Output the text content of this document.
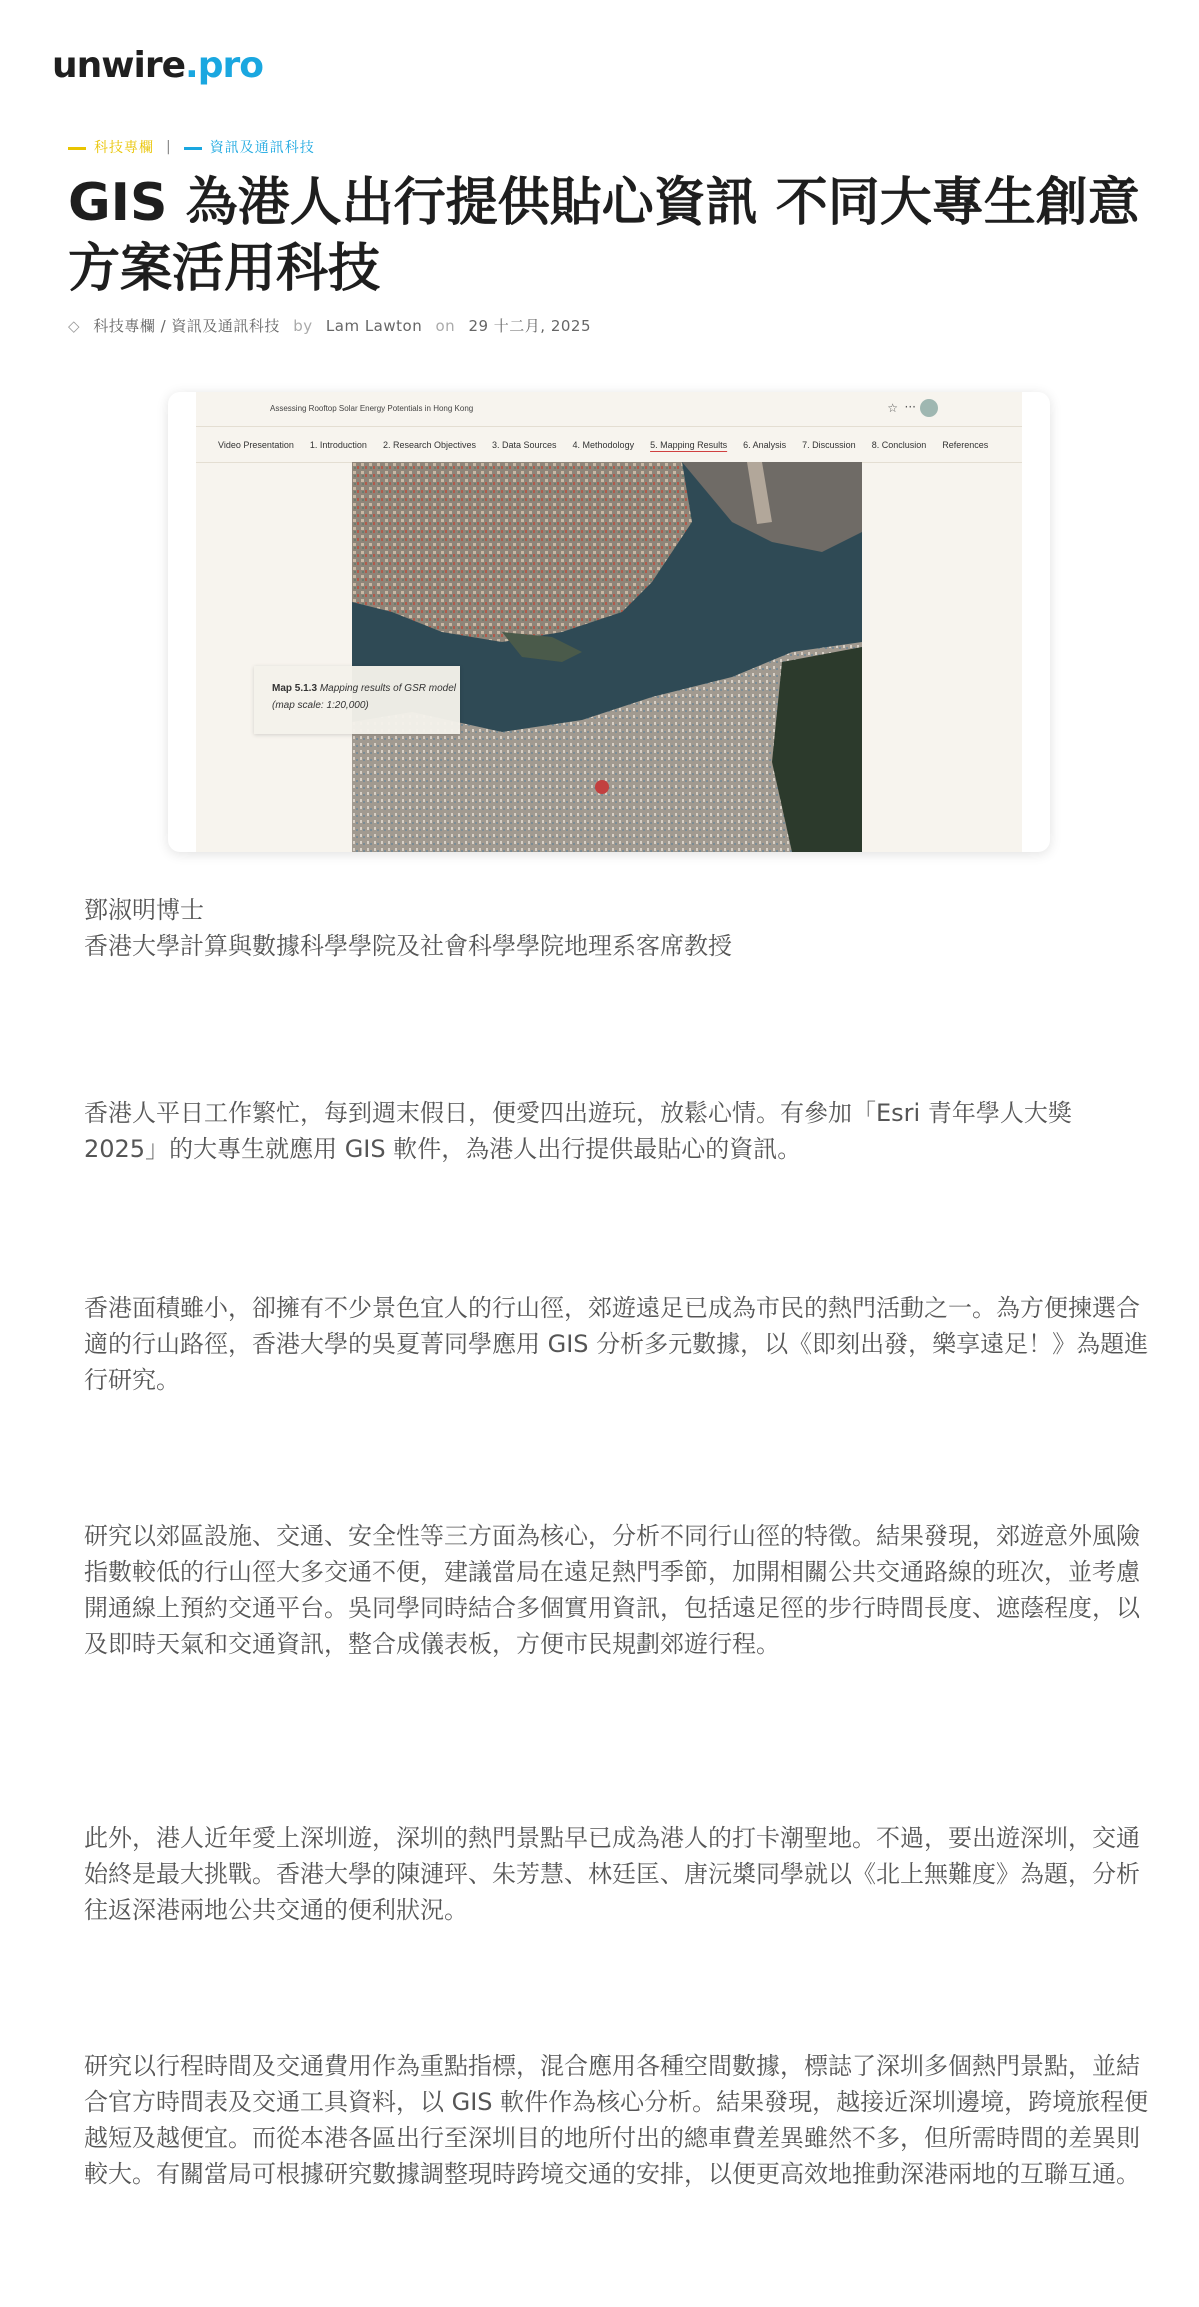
unwire.pro
科技專欄 |	資訊及通訊科技
GIS 為港人出行提供貼心資訊 不同大專生創意方案活用科技
◇ 科技專欄 / 資訊及通訊科技 by Lam Lawton on 29 十二月, 2025
Assessing Rooftop Solar Energy Potentials in Hong Kong	☆ ···
Video Presentation 1. Introduction 2. Research Objectives 3. Data Sources 4. Methodology 5. Mapping Results 6. Analysis 7. Discussion 8. Conclusion References
Map 5.1.3 Mapping results of GSR model (map scale: 1:20,000)

鄧淑明博士

香港大學計算與數據科學學院及社會科學學院地理系客席教授

香港人平日工作繁忙，每到週末假日，便愛四出遊玩，放鬆心情。有參加「Esri 青年學人大獎 2025」的大專生就應用 GIS 軟件，為港人出行提供最貼心的資訊。

香港面積雖小，卻擁有不少景色宜人的行山徑，郊遊遠足已成為市民的熱門活動之一。為方便揀選合適的行山路徑，香港大學的吳夏菁同學應用 GIS 分析多元數據，以《即刻出發，樂享遠足！》為題進行研究。

研究以郊區設施、交通、安全性等三方面為核心，分析不同行山徑的特徵。結果發現，郊遊意外風險指數較低的行山徑大多交通不便，建議當局在遠足熱門季節，加開相關公共交通路線的班次，並考慮開通線上預約交通平台。吳同學同時結合多個實用資訊，包括遠足徑的步行時間長度、遮蔭程度，以及即時天氣和交通資訊，整合成儀表板，方便市民規劃郊遊行程。

此外，港人近年愛上深圳遊，深圳的熱門景點早已成為港人的打卡潮聖地。不過，要出遊深圳，交通始終是最大挑戰。香港大學的陳漣玶、朱芳慧、林廷匡、唐沅槳同學就以《北上無難度》為題，分析往返深港兩地公共交通的便利狀況。

研究以行程時間及交通費用作為重點指標，混合應用各種空間數據，標誌了深圳多個熱門景點，並結合官方時間表及交通工具資料，以 GIS 軟件作為核心分析。結果發現，越接近深圳邊境，跨境旅程便越短及越便宜。而從本港各區出行至深圳目的地所付出的總車費差異雖然不多，但所需時間的差異則較大。有關當局可根據研究數據調整現時跨境交通的安排，以便更高效地推動深港兩地的互聯互通。
